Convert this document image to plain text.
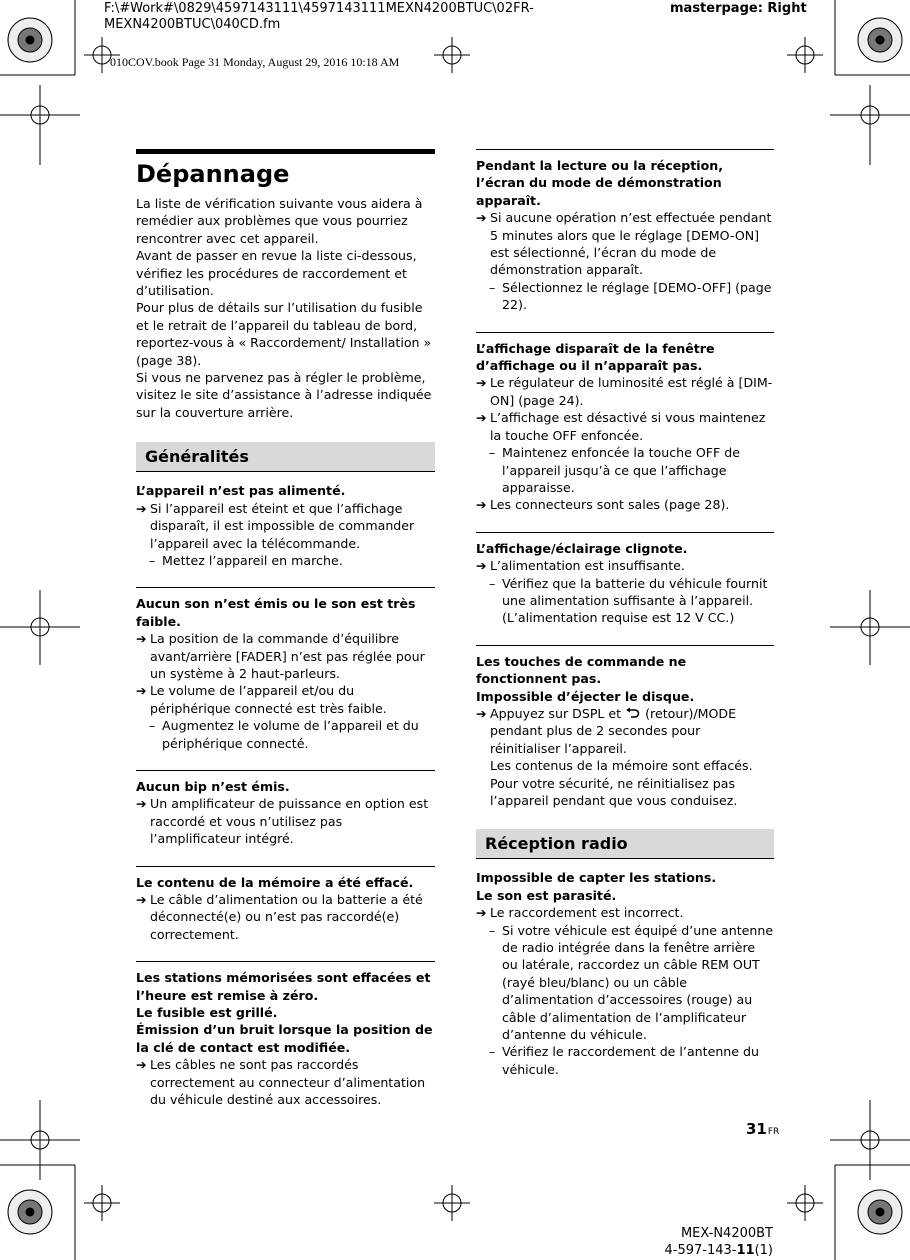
F:\#Work#\0829\4597143111\4597143111MEXN4200BTUC\02FR-MEXN4200BTUC\040CD.fm
masterpage: Right
010COV.book Page 31 Monday, August 29, 2016 10:18 AM
Dépannage

La liste de vérification suivante vous aidera à remédier aux problèmes que vous pourriez rencontrer avec cet appareil.

Avant de passer en revue la liste ci-dessous, vérifiez les procédures de raccordement et d’utilisation.

Pour plus de détails sur l’utilisation du fusible et le retrait de l’appareil du tableau de bord, reportez-vous à « Raccordement/ Installation » (page 38).

Si vous ne parvenez pas à régler le problème, visitez le site d’assistance à l’adresse indiquée sur la couverture arrière.

Généralités

L’appareil n’est pas alimenté.

➔ Si l’appareil est éteint et que l’affichage disparaît, il est impossible de commander l’appareil avec la télécommande.

– Mettez l’appareil en marche.

Aucun son n’est émis ou le son est très faible.

➔ La position de la commande d’équilibre avant/arrière [FADER] n’est pas réglée pour un système à 2 haut-parleurs.

➔ Le volume de l’appareil et/ou du périphérique connecté est très faible.

– Augmentez le volume de l’appareil et du périphérique connecté.

Aucun bip n’est émis.

➔ Un amplificateur de puissance en option est raccordé et vous n’utilisez pas l’amplificateur intégré.

Le contenu de la mémoire a été effacé.

➔ Le câble d’alimentation ou la batterie a été déconnecté(e) ou n’est pas raccordé(e) correctement.

Les stations mémorisées sont effacées et l’heure est remise à zéro.

Le fusible est grillé.

Émission d’un bruit lorsque la position de la clé de contact est modifiée.

➔ Les câbles ne sont pas raccordés correctement au connecteur d’alimentation du véhicule destiné aux accessoires.

Pendant la lecture ou la réception, l’écran du mode de démonstration apparaît.

➔ Si aucune opération n’est effectuée pendant 5 minutes alors que le réglage [DEMO-ON] est sélectionné, l’écran du mode de démonstration apparaît.

– Sélectionnez le réglage [DEMO-OFF] (page 22).

L’affichage disparaît de la fenêtre d’affichage ou il n’apparaît pas.

➔ Le régulateur de luminosité est réglé à [DIM-ON] (page 24).

➔ L’affichage est désactivé si vous maintenez la touche OFF enfoncée.

– Maintenez enfoncée la touche OFF de l’appareil jusqu’à ce que l’affichage apparaisse.

➔ Les connecteurs sont sales (page 28).

L’affichage/éclairage clignote.

➔ L’alimentation est insuffisante.

– Vérifiez que la batterie du véhicule fournit une alimentation suffisante à l’appareil. (L’alimentation requise est 12 V CC.)

Les touches de commande ne fonctionnent pas.

Impossible d’éjecter le disque.

➔ Appuyez sur DSPL et  (retour)/MODE pendant plus de 2 secondes pour réinitialiser l’appareil.

Les contenus de la mémoire sont effacés. Pour votre sécurité, ne réinitialisez pas l’appareil pendant que vous conduisez.

Réception radio

Impossible de capter les stations.

Le son est parasité.

➔ Le raccordement est incorrect.

– Si votre véhicule est équipé d’une antenne de radio intégrée dans la fenêtre arrière ou latérale, raccordez un câble REM OUT (rayé bleu/blanc) ou un câble d’alimentation d’accessoires (rouge) au câble d’alimentation de l’amplificateur d’antenne du véhicule.

– Vérifiez le raccordement de l’antenne du véhicule.

31FR
MEX-N4200BT
4-597-143-11(1)
